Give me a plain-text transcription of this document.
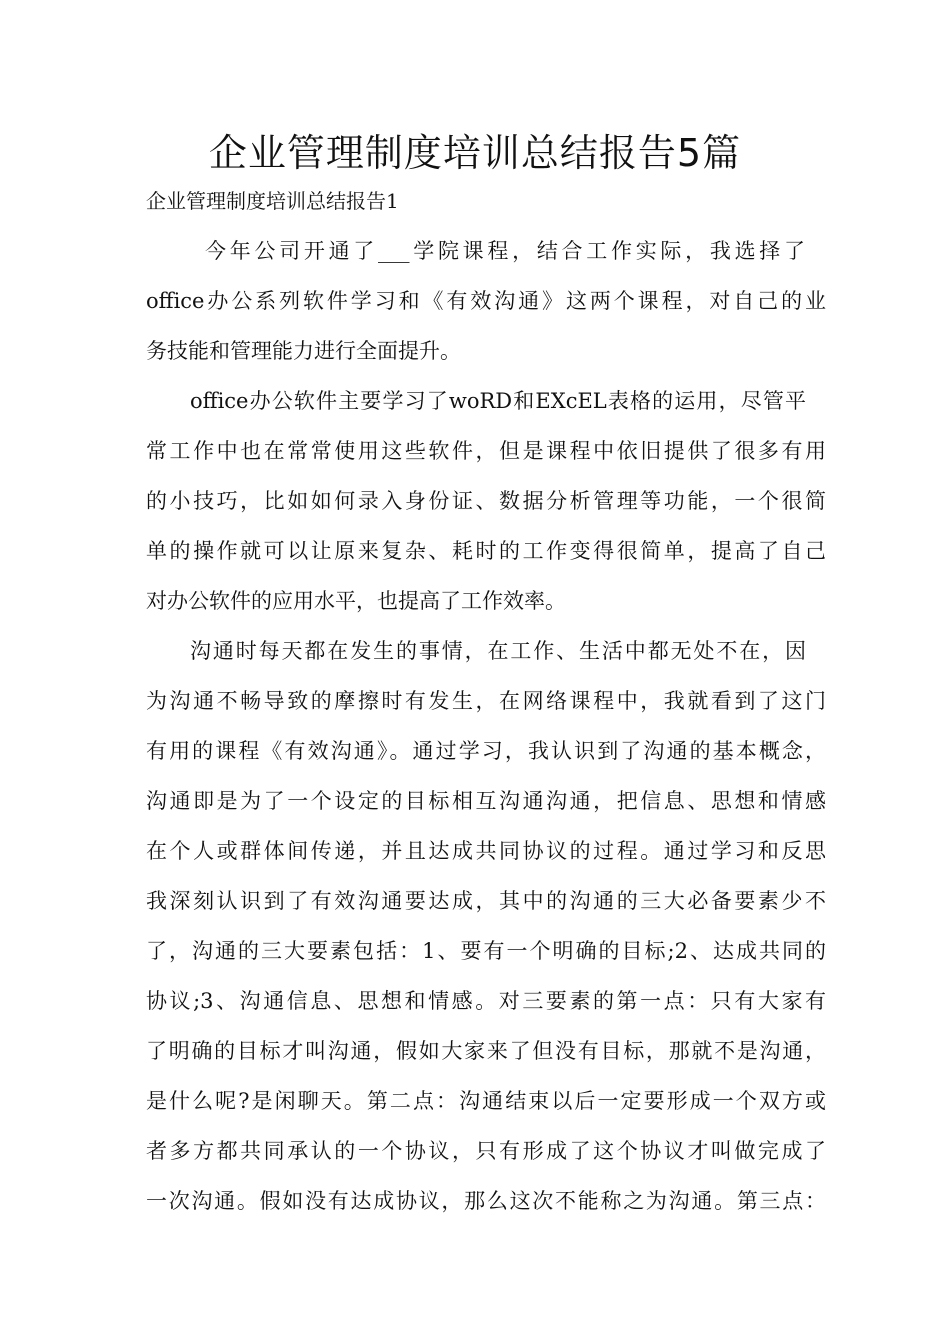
企业管理制度培训总结报告5篇
企业管理制度培训总结报告1
今年公司开通了___学院课程，结合工作实际，我选择了
office办公系列软件学习和《有效沟通》这两个课程，对自己的业
务技能和管理能力进行全面提升。
office办公软件主要学习了woRD和EXcEL表格的运用，尽管平
常工作中也在常常使用这些软件，但是课程中依旧提供了很多有用
的小技巧，比如如何录入身份证、数据分析管理等功能，一个很简
单的操作就可以让原来复杂、耗时的工作变得很简单，提高了自己
对办公软件的应用水平，也提高了工作效率。
沟通时每天都在发生的事情，在工作、生活中都无处不在，因
为沟通不畅导致的摩擦时有发生，在网络课程中，我就看到了这门
有用的课程《有效沟通》。通过学习，我认识到了沟通的基本概念，
沟通即是为了一个设定的目标相互沟通沟通，把信息、思想和情感
在个人或群体间传递，并且达成共同协议的过程。通过学习和反思
我深刻认识到了有效沟通要达成，其中的沟通的三大必备要素少不
了，沟通的三大要素包括：1、要有一个明确的目标;2、达成共同的
协议;3、沟通信息、思想和情感。对三要素的第一点：只有大家有
了明确的目标才叫沟通，假如大家来了但没有目标，那就不是沟通，
是什么呢?是闲聊天。第二点：沟通结束以后一定要形成一个双方或
者多方都共同承认的一个协议，只有形成了这个协议才叫做完成了
一次沟通。假如没有达成协议，那么这次不能称之为沟通。第三点：
